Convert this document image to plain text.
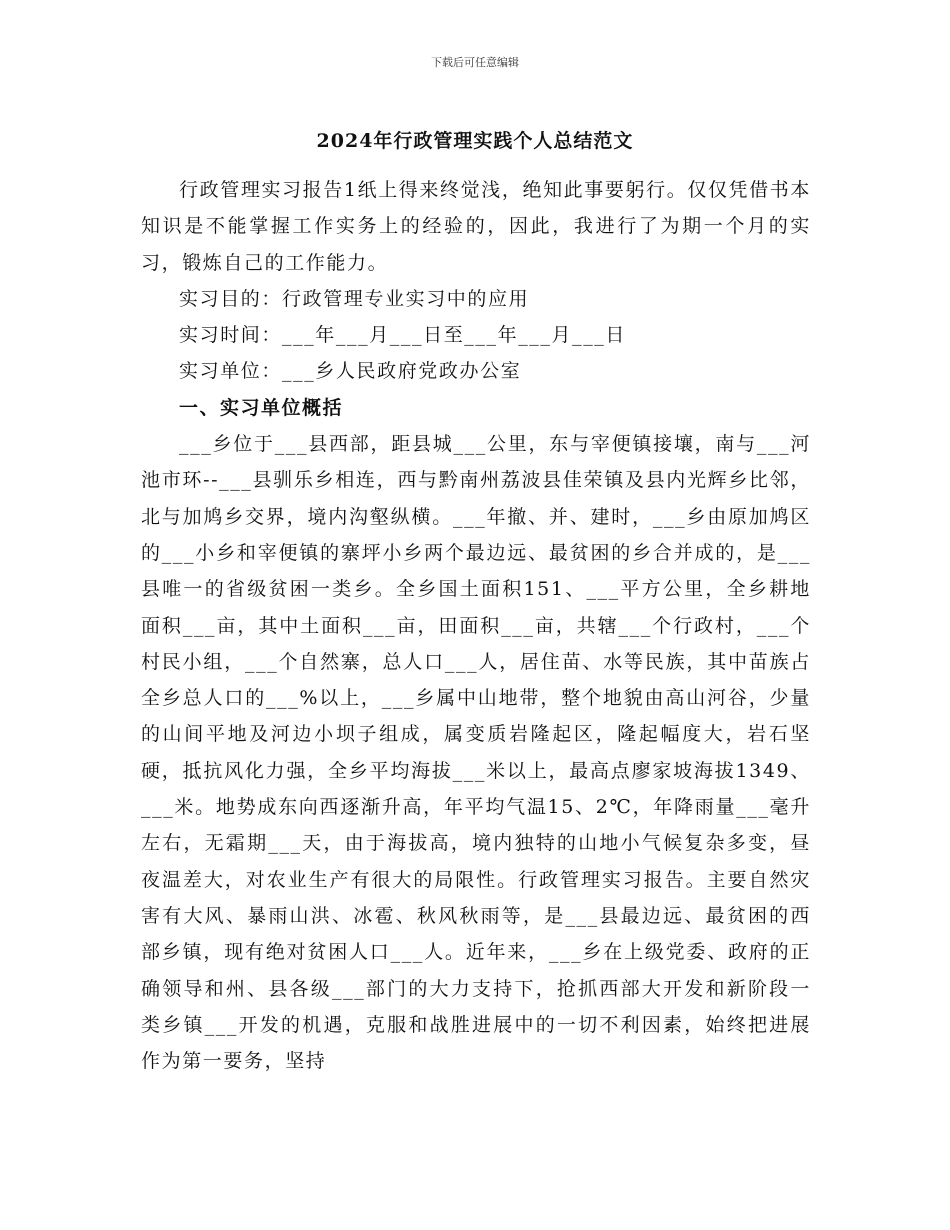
下载后可任意编辑
2024年行政管理实践个人总结范文

行政管理实习报告1纸上得来终觉浅，绝知此事要躬行。仅仅凭借书本知识是不能掌握工作实务上的经验的，因此，我进行了为期一个月的实习，锻炼自己的工作能力。

实习目的：行政管理专业实习中的应用

实习时间：___年___月___日至___年___月___日

实习单位：___乡人民政府党政办公室

一、实习单位概括

___乡位于___县西部，距县城___公里，东与宰便镇接壤，南与___河池市环--___县驯乐乡相连，西与黔南州荔波县佳荣镇及县内光辉乡比邻，北与加鸠乡交界，境内沟壑纵横。___年撤、并、建时，___乡由原加鸠区的___小乡和宰便镇的寨坪小乡两个最边远、最贫困的乡合并成的，是___县唯一的省级贫困一类乡。全乡国土面积151、___平方公里，全乡耕地面积___亩，其中土面积___亩，田面积___亩，共辖___个行政村，___个村民小组，___个自然寨，总人口___人，居住苗、水等民族，其中苗族占全乡总人口的___%以上，___乡属中山地带，整个地貌由高山河谷，少量的山间平地及河边小坝子组成，属变质岩隆起区，隆起幅度大，岩石坚硬，抵抗风化力强，全乡平均海拔___米以上，最高点廖家坡海拔1349、___米。地势成东向西逐渐升高，年平均气温15、2℃，年降雨量___毫升左右，无霜期___天，由于海拔高，境内独特的山地小气候复杂多变，昼夜温差大，对农业生产有很大的局限性。行政管理实习报告。主要自然灾害有大风、暴雨山洪、冰雹、秋风秋雨等，是___县最边远、最贫困的西部乡镇，现有绝对贫困人口___人。近年来，___乡在上级党委、政府的正确领导和州、县各级___部门的大力支持下，抢抓西部大开发和新阶段一类乡镇___开发的机遇，克服和战胜进展中的一切不利因素，始终把进展作为第一要务，坚持
